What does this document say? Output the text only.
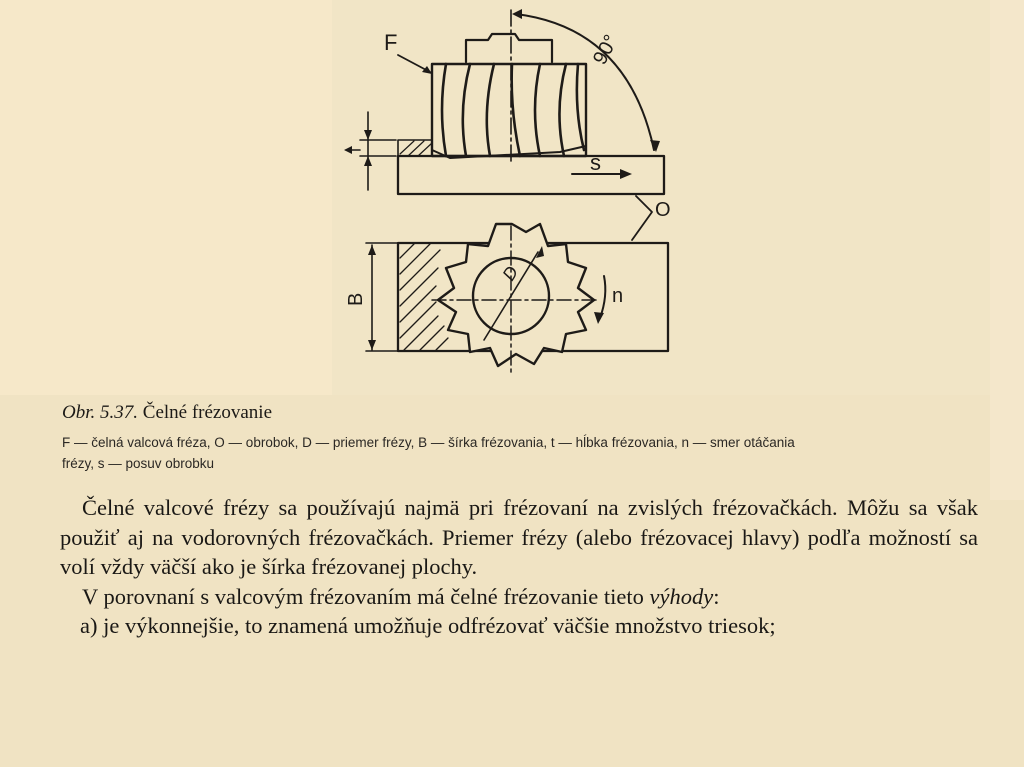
F	90°
s
O
B
D
n
Obr. 5.37. Čelné frézovanie
F — čelná valcová fréza, O — obrobok, D — priemer frézy, B — šírka frézovania, t — hĺbka frézovania, n — smer otáčania
frézy, s — posuv obrobku

Čelné valcové frézy sa používajú najmä pri frézovaní na zvislých frézovačkách. Môžu sa však použiť aj na vodorovných frézovačkách. Priemer frézy (alebo frézovacej hlavy) podľa možností sa volí vždy väčší ako je šírka frézovanej plochy.

V porovnaní s valcovým frézovaním má čelné frézovanie tieto výhody:

a) je výkonnejšie, to znamená umožňuje odfrézovať väčšie množstvo triesok;
